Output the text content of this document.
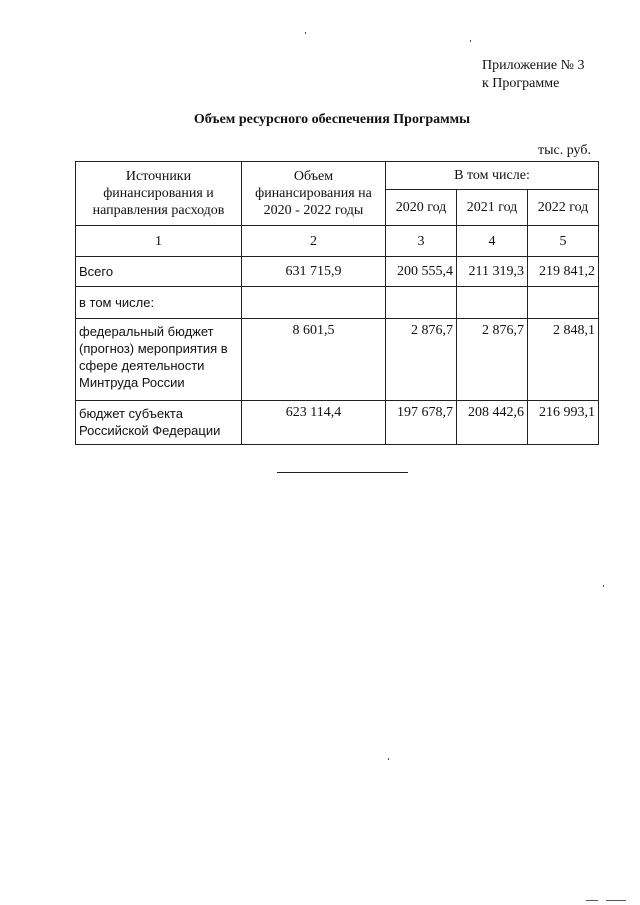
Приложение № 3
к Программе
Объем ресурсного обеспечения Программы
тыс. руб.
Источники финансирования и направления расходов	Объем финансирования на 2020 - 2022 годы	В том числе:		
		2020 год	2021 год	2022 год
1	2	3	4	5
Всего	631 715,9	200 555,4	211 319,3	219 841,2
в том числе:				
федеральный бюджет (прогноз) мероприятия в сфере деятельности Минтруда России	8 601,5	2 876,7	2 876,7	2 848,1
бюджет субъекта Российской Федерации	623 114,4	197 678,7	208 442,6	216 993,1
